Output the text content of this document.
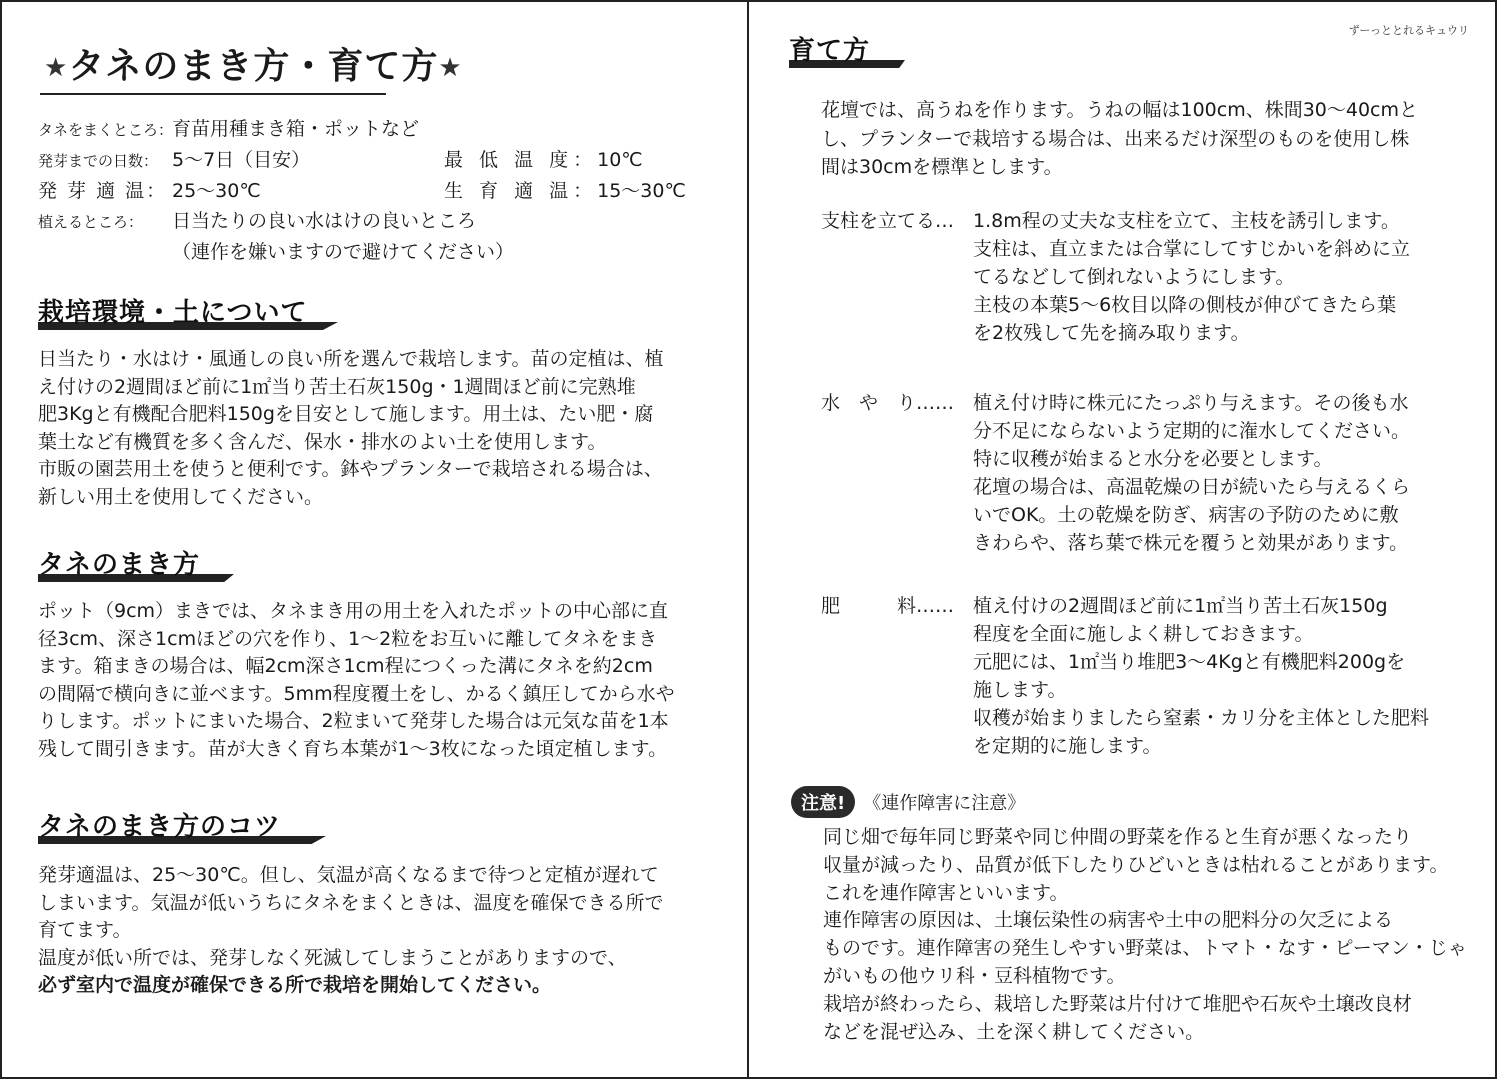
★タネのまき方・育て方★
タネをまくところ：育苗用種まき箱・ポットなど
発芽までの日数： 5〜7日（目安）	最 低 温 度：10℃
発 芽 適 温： 25〜30℃	生 育 適 温：15〜30℃
植えるところ： 日当たりの良い水はけの良いところ
（連作を嫌いますので避けてください）
栽培環境・土について

日当たり・水はけ・風通しの良い所を選んで栽培します。苗の定植は、植

え付けの2週間ほど前に1㎡当り苦土石灰150g・1週間ほど前に完熟堆

肥3Kgと有機配合肥料150gを目安として施します。用土は、たい肥・腐

葉土など有機質を多く含んだ、保水・排水のよい土を使用します。

市販の園芸用土を使うと便利です。鉢やプランターで栽培される場合は、

新しい用土を使用してください。

タネのまき方

ポット（9cm）まきでは、タネまき用の用土を入れたポットの中心部に直

径3cm、深さ1cmほどの穴を作り、1〜2粒をお互いに離してタネをまき

ます。箱まきの場合は、幅2cm深さ1cm程につくった溝にタネを約2cm

の間隔で横向きに並べます。5mm程度覆土をし、かるく鎮圧してから水や

りします。ポットにまいた場合、2粒まいて発芽した場合は元気な苗を1本

残して間引きます。苗が大きく育ち本葉が1〜3枚になった頃定植します。

タネのまき方のコツ

発芽適温は、25〜30℃。但し、気温が高くなるまで待つと定植が遅れて

しまいます。気温が低いうちにタネをまくときは、温度を確保できる所で

育てます。

温度が低い所では、発芽しなく死滅してしまうことがありますので、

必ず室内で温度が確保できる所で栽培を開始してください。

ずーっととれるキュウリ
育て方

花壇では、高うねを作ります。うねの幅は100cm、株間30〜40cmと

し、プランターで栽培する場合は、出来るだけ深型のものを使用し株

間は30cmを標準とします。

支柱を立てる… 1.8m程の丈夫な支柱を立て、主枝を誘引します。

支柱は、直立または合掌にしてすじかいを斜めに立

てるなどして倒れないようにします。

主枝の本葉5〜6枚目以降の側枝が伸びてきたら葉

を2枚残して先を摘み取ります。

水　や　り…… 植え付け時に株元にたっぷり与えます。その後も水

分不足にならないよう定期的に潅水してください。

特に収穫が始まると水分を必要とします。

花壇の場合は、高温乾燥の日が続いたら与えるくら

いでOK。土の乾燥を防ぎ、病害の予防のために敷

きわらや、落ち葉で株元を覆うと効果があります。

肥　　　料…… 植え付けの2週間ほど前に1㎡当り苦土石灰150g

程度を全面に施しよく耕しておきます。

元肥には、1㎡当り堆肥3〜4Kgと有機肥料200gを

施します。

収穫が始まりましたら窒素・カリ分を主体とした肥料

を定期的に施します。

注意! 《連作障害に注意》

同じ畑で毎年同じ野菜や同じ仲間の野菜を作ると生育が悪くなったり

収量が減ったり、品質が低下したりひどいときは枯れることがあります。

これを連作障害といいます。

連作障害の原因は、土壌伝染性の病害や土中の肥料分の欠乏による

ものです。連作障害の発生しやすい野菜は、トマト・なす・ピーマン・じゃ

がいもの他ウリ科・豆科植物です。

栽培が終わったら、栽培した野菜は片付けて堆肥や石灰や土壌改良材

などを混ぜ込み、土を深く耕してください。
